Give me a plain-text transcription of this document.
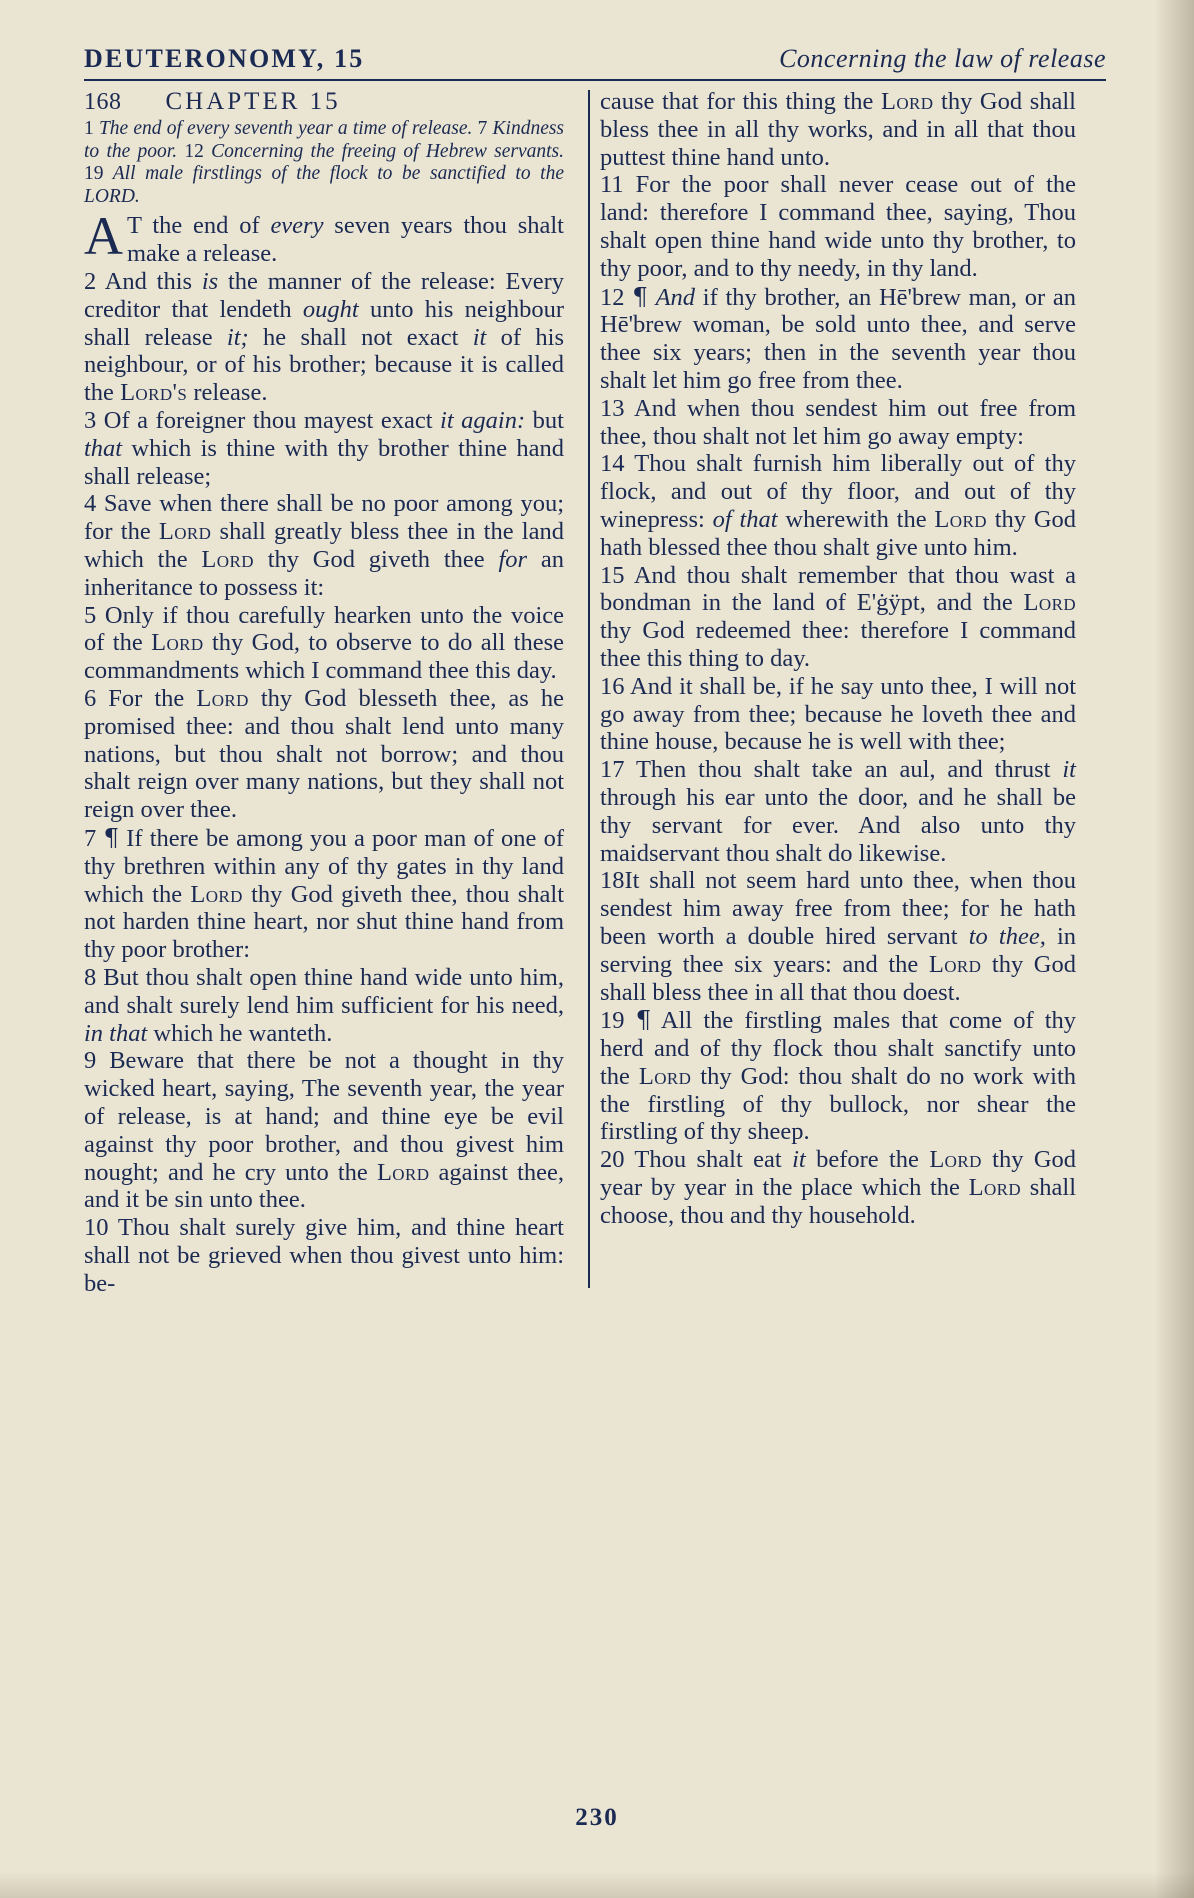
DEUTERONOMY, 15	Concerning the law of release
168 CHAPTER 15
1 The end of every seventh year a time of release. 7 Kindness to the poor. 12 Concerning the freeing of Hebrew servants. 19 All male firstlings of the flock to be sanctified to the LORD.

A T the end of every seven years thou shalt make a release.

2 And this is the manner of the release: Every creditor that lendeth ought unto his neighbour shall release it; he shall not exact it of his neighbour, or of his brother; because it is called the Lord's release.

3 Of a foreigner thou mayest exact it again: but that which is thine with thy brother thine hand shall release;

4 Save when there shall be no poor among you; for the Lord shall greatly bless thee in the land which the Lord thy God giveth thee for an inheritance to possess it:

5 Only if thou carefully hearken unto the voice of the Lord thy God, to observe to do all these commandments which I command thee this day.

6 For the Lord thy God blesseth thee, as he promised thee: and thou shalt lend unto many nations, but thou shalt not borrow; and thou shalt reign over many nations, but they shall not reign over thee.

7 ¶ If there be among you a poor man of one of thy brethren within any of thy gates in thy land which the Lord thy God giveth thee, thou shalt not harden thine heart, nor shut thine hand from thy poor brother:

8 But thou shalt open thine hand wide unto him, and shalt surely lend him sufficient for his need, in that which he wanteth.

9 Beware that there be not a thought in thy wicked heart, saying, The seventh year, the year of release, is at hand; and thine eye be evil against thy poor brother, and thou givest him nought; and he cry unto the Lord against thee, and it be sin unto thee.

10 Thou shalt surely give him, and thine heart shall not be grieved when thou givest unto him: be-

cause that for this thing the Lord thy God shall bless thee in all thy works, and in all that thou puttest thine hand unto.

11 For the poor shall never cease out of the land: therefore I command thee, saying, Thou shalt open thine hand wide unto thy brother, to thy poor, and to thy needy, in thy land.

12 ¶ And if thy brother, an Hē'brew man, or an Hē'brew woman, be sold unto thee, and serve thee six years; then in the seventh year thou shalt let him go free from thee.

13 And when thou sendest him out free from thee, thou shalt not let him go away empty:

14 Thou shalt furnish him liberally out of thy flock, and out of thy floor, and out of thy winepress: of that wherewith the Lord thy God hath blessed thee thou shalt give unto him.

15 And thou shalt remember that thou wast a bondman in the land of E'ġÿpt, and the Lord thy God redeemed thee: therefore I command thee this thing to day.

16 And it shall be, if he say unto thee, I will not go away from thee; because he loveth thee and thine house, because he is well with thee;

17 Then thou shalt take an aul, and thrust it through his ear unto the door, and he shall be thy servant for ever. And also unto thy maidservant thou shalt do likewise.

18It shall not seem hard unto thee, when thou sendest him away free from thee; for he hath been worth a double hired servant to thee, in serving thee six years: and the Lord thy God shall bless thee in all that thou doest.

19 ¶ All the firstling males that come of thy herd and of thy flock thou shalt sanctify unto the Lord thy God: thou shalt do no work with the firstling of thy bullock, nor shear the firstling of thy sheep.

20 Thou shalt eat it before the Lord thy God year by year in the place which the Lord shall choose, thou and thy household.

230
